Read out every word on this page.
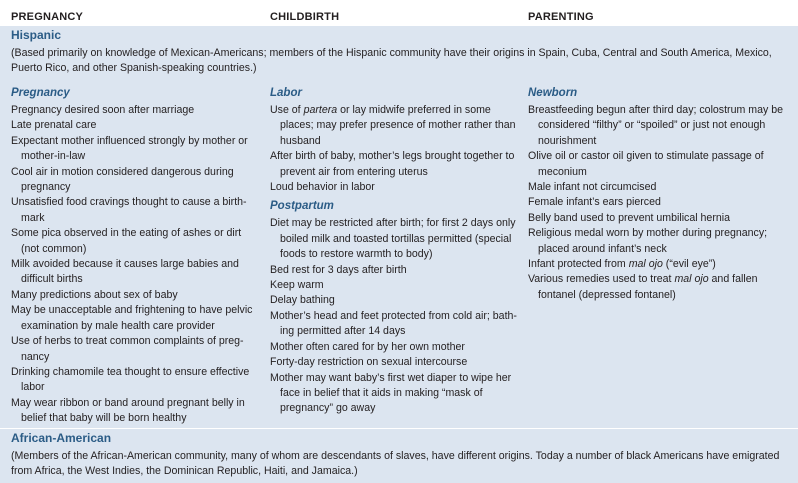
PREGNANCY	CHILDBIRTH	PARENTING
Hispanic
(Based primarily on knowledge of Mexican-Americans; members of the Hispanic community have their origins in Spain, Cuba, Central and South America, Mexico, Puerto Rico, and other Spanish-speaking countries.)
Pregnancy
Pregnancy desired soon after marriage
Late prenatal care
Expectant mother influenced strongly by mother or mother-in-law
Cool air in motion considered dangerous during pregnancy
Unsatisfied food cravings thought to cause a birth-mark
Some pica observed in the eating of ashes or dirt (not common)
Milk avoided because it causes large babies and difficult births
Many predictions about sex of baby
May be unacceptable and frightening to have pelvic examination by male health care provider
Use of herbs to treat common complaints of preg-nancy
Drinking chamomile tea thought to ensure effective labor
May wear ribbon or band around pregnant belly in belief that baby will be born healthy
Labor
Use of partera or lay midwife preferred in some places; may prefer presence of mother rather than husband
After birth of baby, mother’s legs brought together to prevent air from entering uterus
Loud behavior in labor
Postpartum
Diet may be restricted after birth; for first 2 days only boiled milk and toasted tortillas permitted (special foods to restore warmth to body)
Bed rest for 3 days after birth
Keep warm
Delay bathing
Mother’s head and feet protected from cold air; bath-ing permitted after 14 days
Mother often cared for by her own mother
Forty-day restriction on sexual intercourse
Mother may want baby’s first wet diaper to wipe her face in belief that it aids in making “mask of pregnancy” go away
Newborn
Breastfeeding begun after third day; colostrum may be considered “filthy” or “spoiled” or just not enough nourishment
Olive oil or castor oil given to stimulate passage of meconium
Male infant not circumcised
Female infant’s ears pierced
Belly band used to prevent umbilical hernia
Religious medal worn by mother during pregnancy; placed around infant’s neck
Infant protected from mal ojo (“evil eye”)
Various remedies used to treat mal ojo and fallen fontanel (depressed fontanel)
African-American
(Members of the African-American community, many of whom are descendants of slaves, have different origins. Today a number of black Americans have emigrated from Africa, the West Indies, the Dominican Republic, Haiti, and Jamaica.)
